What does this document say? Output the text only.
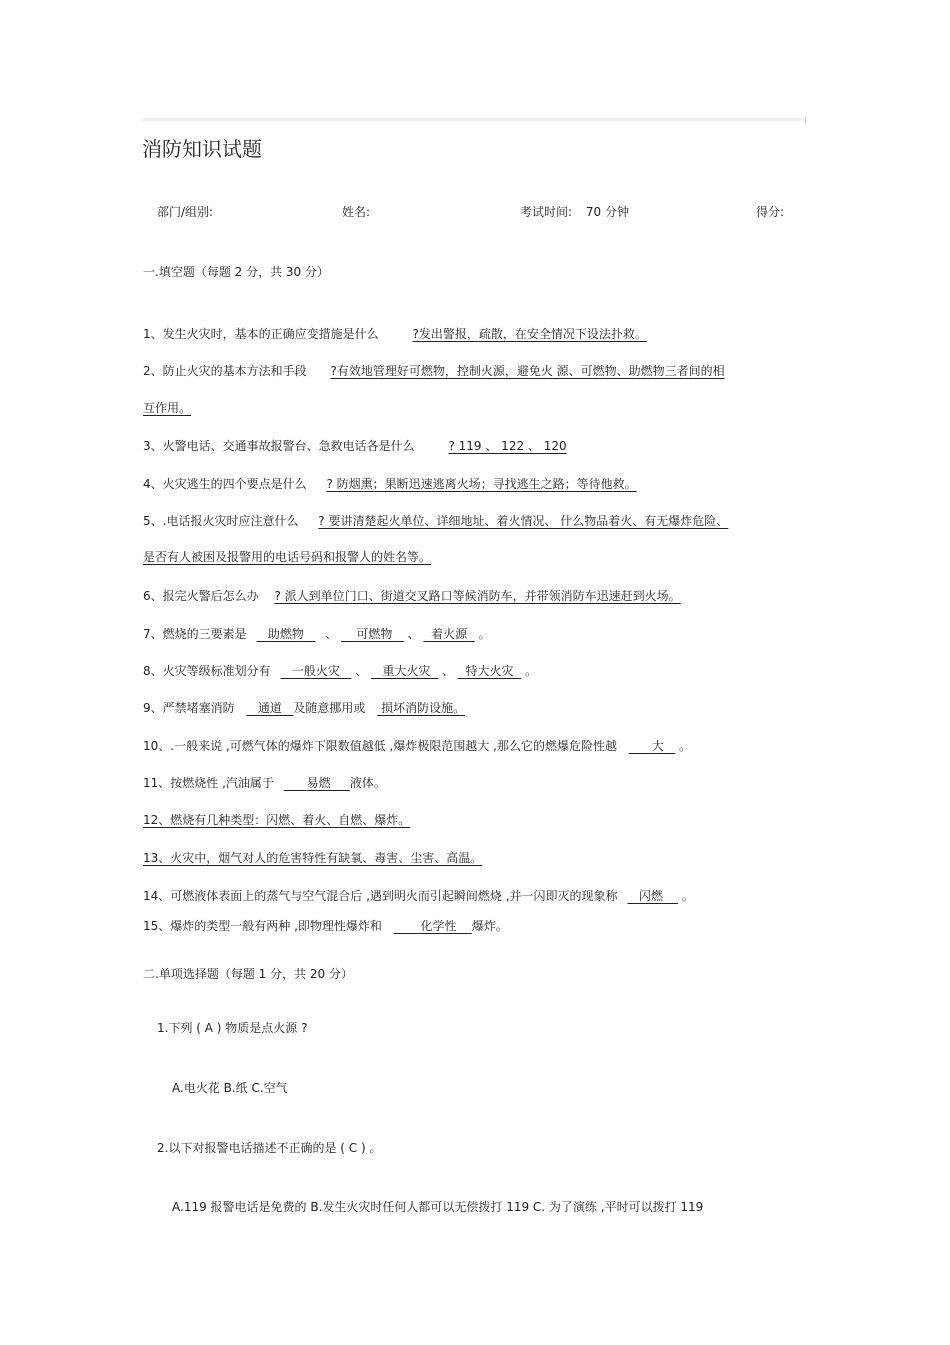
消防知识试题
部门/组别:	姓名:	考试时间: 70 分钟	得分:
一.填空题（每题 2 分，共 30 分）
1、发生火灾时，基本的正确应变措施是什么	?发出警报，疏散，在安全情况下设法扑救。
2、防止火灾的基本方法和手段 ?有效地管理好可燃物，控制火源，避免火 源、可燃物、助燃物三者间的相
互作用。
3、火警电话、交通事故报警台、急救电话各是什么	? 119 、 122 、 120
4、火灾逃生的四个要点是什么 ? 防烟熏；果断迅速逃离火场；寻找逃生之路；等待他救。
5、.电话报火灾时应注意什么 ? 要讲清楚起火单位、详细地址、着火情况、 什么物品着火、有无爆炸危险、
是否有人被困及报警用的电话号码和报警人的姓名等。
6、报完火警后怎么办 ? 派人到单位门口、街道交叉路口等候消防车，并带领消防车迅速赶到火场。
7、燃烧的三要素是 助燃物 、 可燃物 、 着火源 。
8、火灾等级标准划分有 一般火灾 、 重大火灾 、 特大火灾 。
9、严禁堵塞消防 通道 及随意挪用或 损坏消防设施。
10、.一般来说 ,可燃气体的爆炸下限数值越低 ,爆炸极限范围越大 ,那么它的燃爆危险性越	大 。
11、按燃烧性 ,汽油属于	易燃 液体。
12、燃烧有几种类型：闪燃、着火、自燃、爆炸。
13、火灾中，烟气对人的危害特性有缺氧、毒害、尘害、高温。
14、可燃液体表面上的蒸气与空气混合后 ,遇到明火而引起瞬间燃烧 ,并一闪即灭的现象称 闪燃 。
15、爆炸的类型一般有两种 ,即物理性爆炸和	化学性 爆炸。
二.单项选择题（每题 1 分，共 20 分）
1.下列 ( A ) 物质是点火源 ?
A.电火花 B.纸 C.空气
2.以下对报警电话描述不正确的是 ( C ) 。
A.119 报警电话是免费的 B.发生火灾时任何人都可以无偿拨打 119 C. 为了演练 ,平时可以拨打 119
